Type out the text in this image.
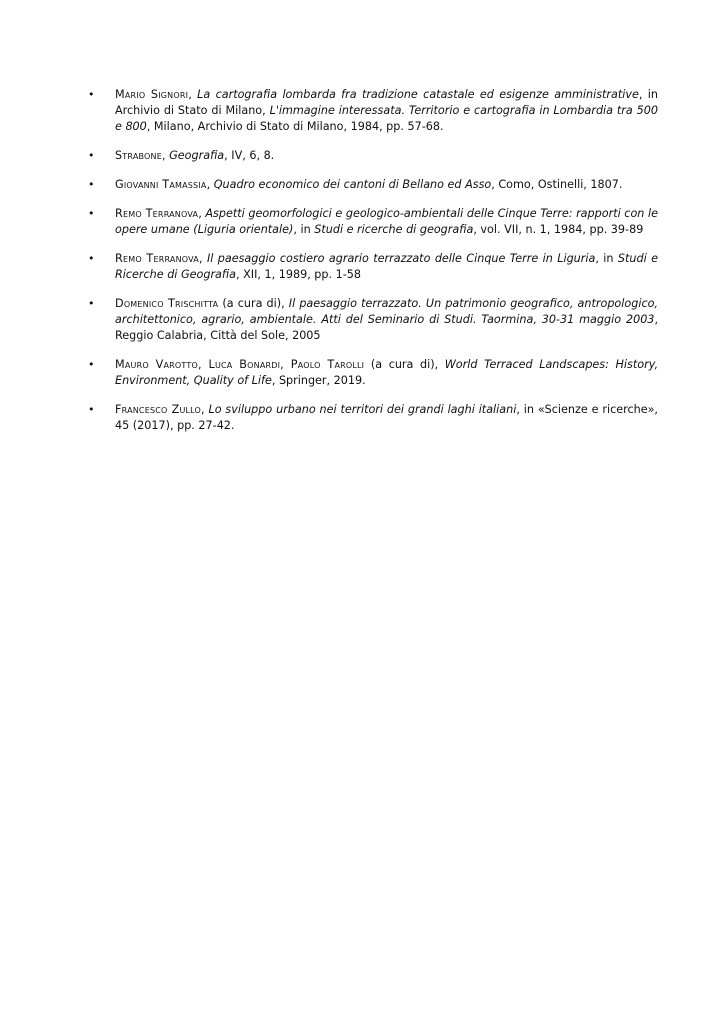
•	Mario Signori, La cartografia lombarda fra tradizione catastale ed esigenze amministrative, in Archivio di Stato di Milano, L'immagine interessata. Territorio e cartografia in Lombardia tra 500 e 800, Milano, Archivio di Stato di Milano, 1984, pp. 57-68.
•	Strabone, Geografia, IV, 6, 8.
•	Giovanni Tamassia, Quadro economico dei cantoni di Bellano ed Asso, Como, Ostinelli, 1807.
•	Remo Terranova, Aspetti geomorfologici e geologico-ambientali delle Cinque Terre: rapporti con le opere umane (Liguria orientale), in Studi e ricerche di geografia, vol. VII, n. 1, 1984, pp. 39-89
•	Remo Terranova, Il paesaggio costiero agrario terrazzato delle Cinque Terre in Liguria, in Studi e Ricerche di Geografia, XII, 1, 1989, pp. 1-58
•	Domenico Trischitta (a cura di), Il paesaggio terrazzato. Un patrimonio geografico, antropologico, architettonico, agrario, ambientale. Atti del Seminario di Studi. Taormina, 30-31 maggio 2003, Reggio Calabria, Città del Sole, 2005
•	Mauro Varotto, Luca Bonardi, Paolo Tarolli (a cura di), World Terraced Landscapes: History, Environment, Quality of Life, Springer, 2019.
•	Francesco Zullo, Lo sviluppo urbano nei territori dei grandi laghi italiani, in «Scienze e ricerche», 45 (2017), pp. 27-42.
